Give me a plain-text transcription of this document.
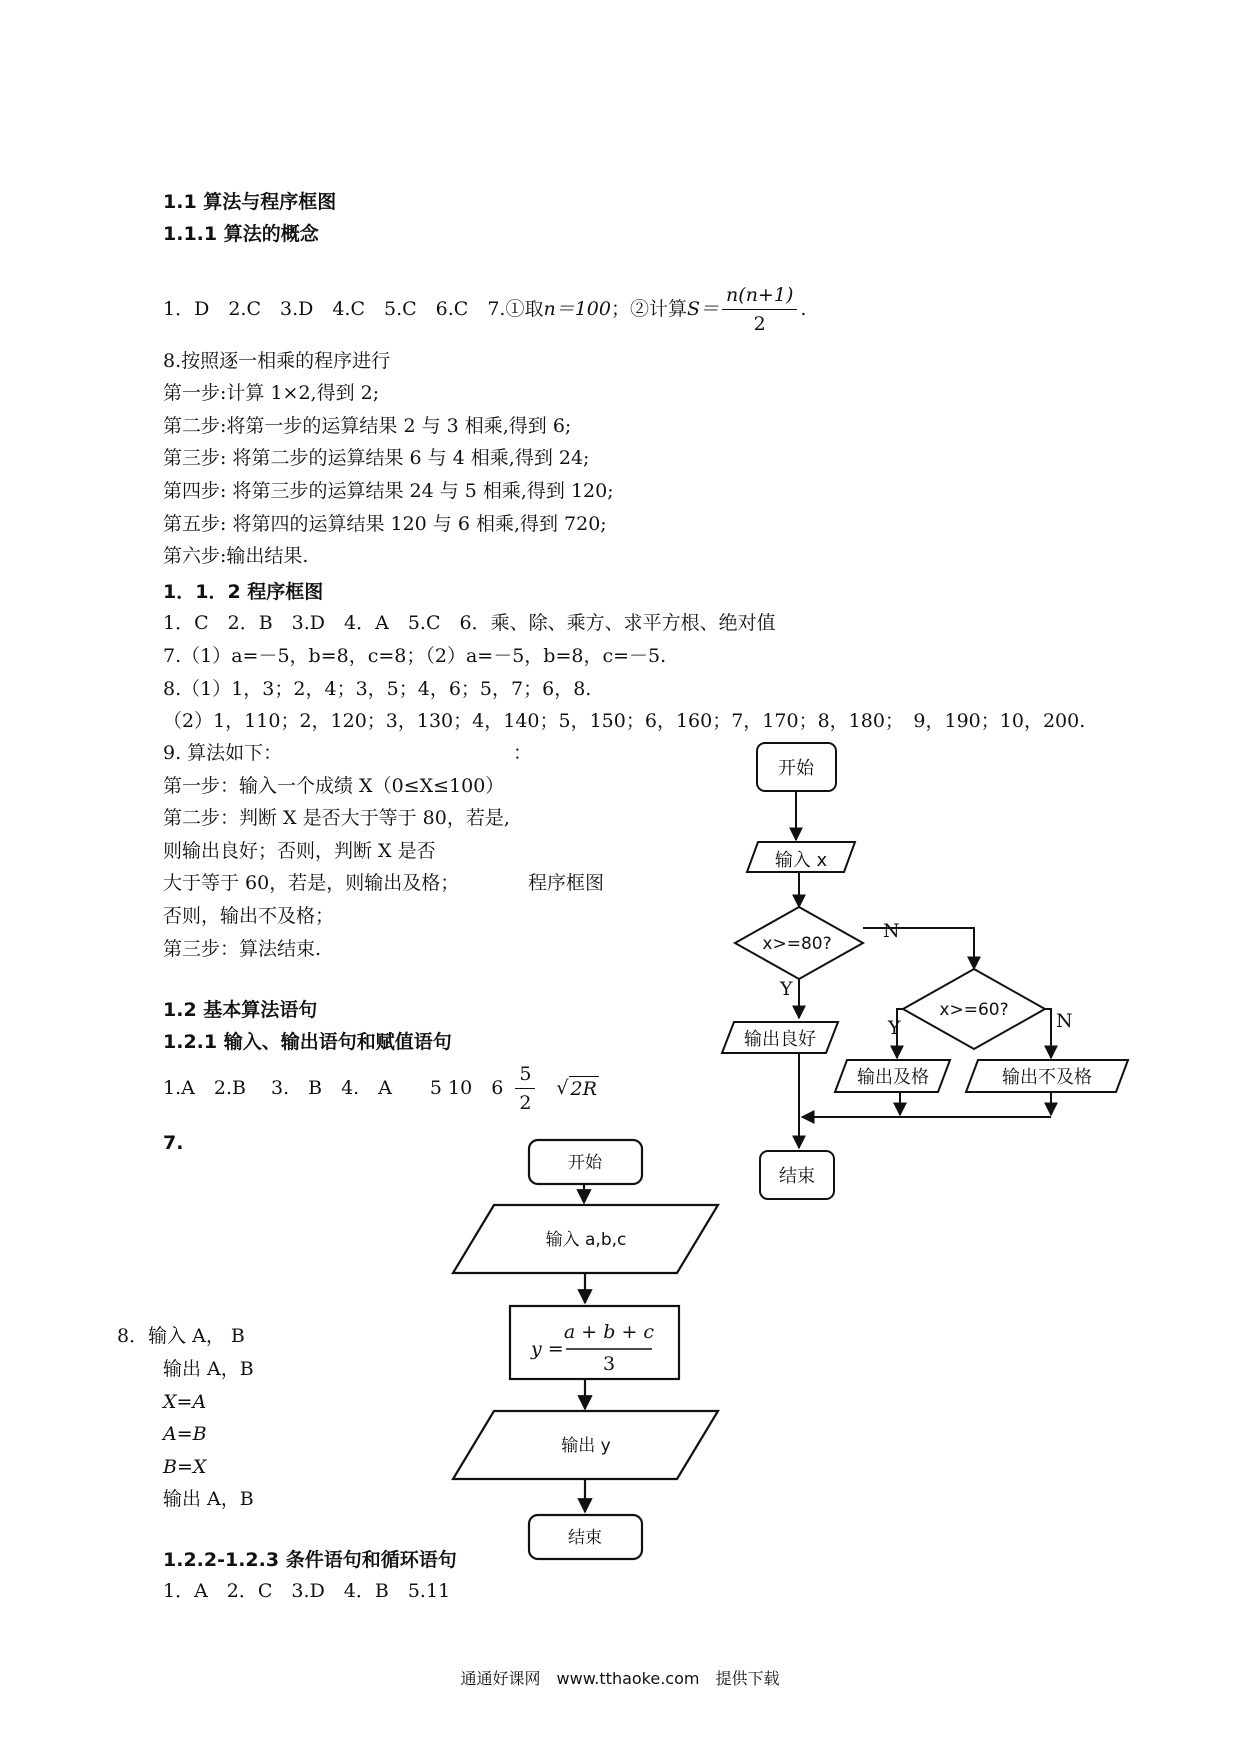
1.1 算法与程序框图
1.1.1 算法的概念
1．D　2.C　3.D　4.C　5.C　6.C　7.①取 n＝100 ；②计算 $S= \frac{n(n+1)}{2}$ .
8.按照逐一相乘的程序进行
第一步:计算 1×2,得到 2;
第二步:将第一步的运算结果 2 与 3 相乘,得到 6;
第三步: 将第二步的运算结果 6 与 4 相乘,得到 24;
第四步: 将第三步的运算结果 24 与 5 相乘,得到 120;
第五步: 将第四的运算结果 120 与 6 相乘,得到 720;
第六步:输出结果.
1．1．2 程序框图
1．C　2．B　3.D　4．A　5.C　6．乘、除、乘方、求平方根、绝对值
7.（1）a=－5，b=8，c=8；（2）a=－5，b=8，c=－5.
8.（1）1，3；2，4；3，5；4，6；5，7；6，8.
（2）1，110；2，120；3，130；4，140；5，150；6，160；7，170；8，180；　9，190；10，200.
9. 算法如下：	：
第一步：输入一个成绩 X（0≤X≤100）
第二步：判断 X 是否大于等于 80，若是,
则输出良好；否则，判断 X 是否
大于等于 60，若是，则输出及格；	程序框图
否则，输出不及格；
第三步：算法结束.
1.2 基本算法语句
1.2.1 输入、输出语句和赋值语句
1.A　2.B　 3.　B　4.　A　　5 10　$6 \frac{5}{2}$ √ 2R
7.
8．输入 A， B
输出 A，B
X=A
A=B
B=X
输出 A，B
1.2.2-1.2.3 条件语句和循环语句
1．A　2．C　3.D　4．B　5.11
通通好课网　www.tthaoke.com　提供下载
开始
输入 x
x>=80?
x>=60?
N
Y
Y	N
输出良好
输出及格	输出不及格
结束
开始
输入 a,b,c
y =
a + b + c
3
输出 y
结束
